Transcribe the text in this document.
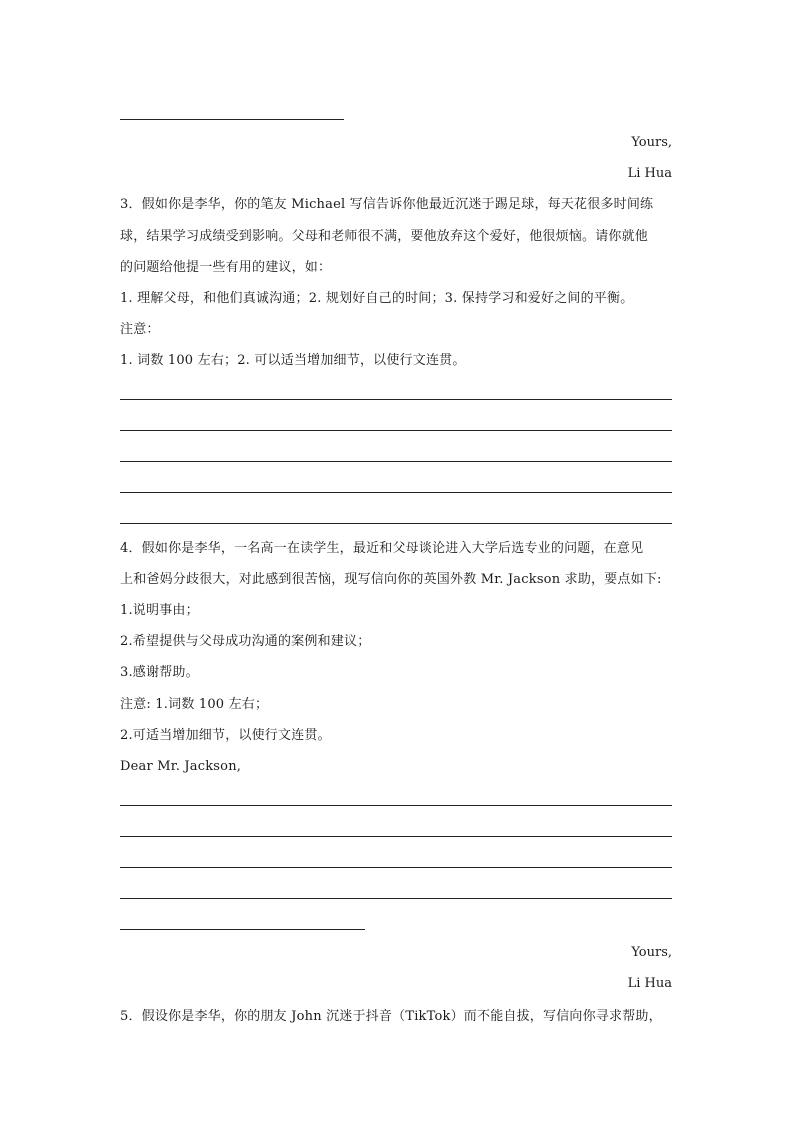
Yours,
Li Hua
3．假如你是李华，你的笔友 Michael 写信告诉你他最近沉迷于踢足球，每天花很多时间练
球，结果学习成绩受到影响。父母和老师很不满，要他放弃这个爱好，他很烦恼。请你就他
的问题给他提一些有用的建议，如：
1. 理解父母，和他们真诚沟通；2. 规划好自己的时间；3. 保持学习和爱好之间的平衡。
注意：
1. 词数 100 左右；2. 可以适当增加细节，以使行文连贯。
4．假如你是李华，一名高一在读学生，最近和父母谈论进入大学后选专业的问题，在意见
上和爸妈分歧很大，对此感到很苦恼，现写信向你的英国外教 Mr. Jackson 求助，要点如下:
1.说明事由；
2.希望提供与父母成功沟通的案例和建议；
3.感谢帮助。
注意: 1.词数 100 左右；
2.可适当增加细节，以使行文连贯。
Dear Mr. Jackson,
Yours,
Li Hua
5．假设你是李华，你的朋友 John 沉迷于抖音（TikTok）而不能自拔，写信向你寻求帮助，
